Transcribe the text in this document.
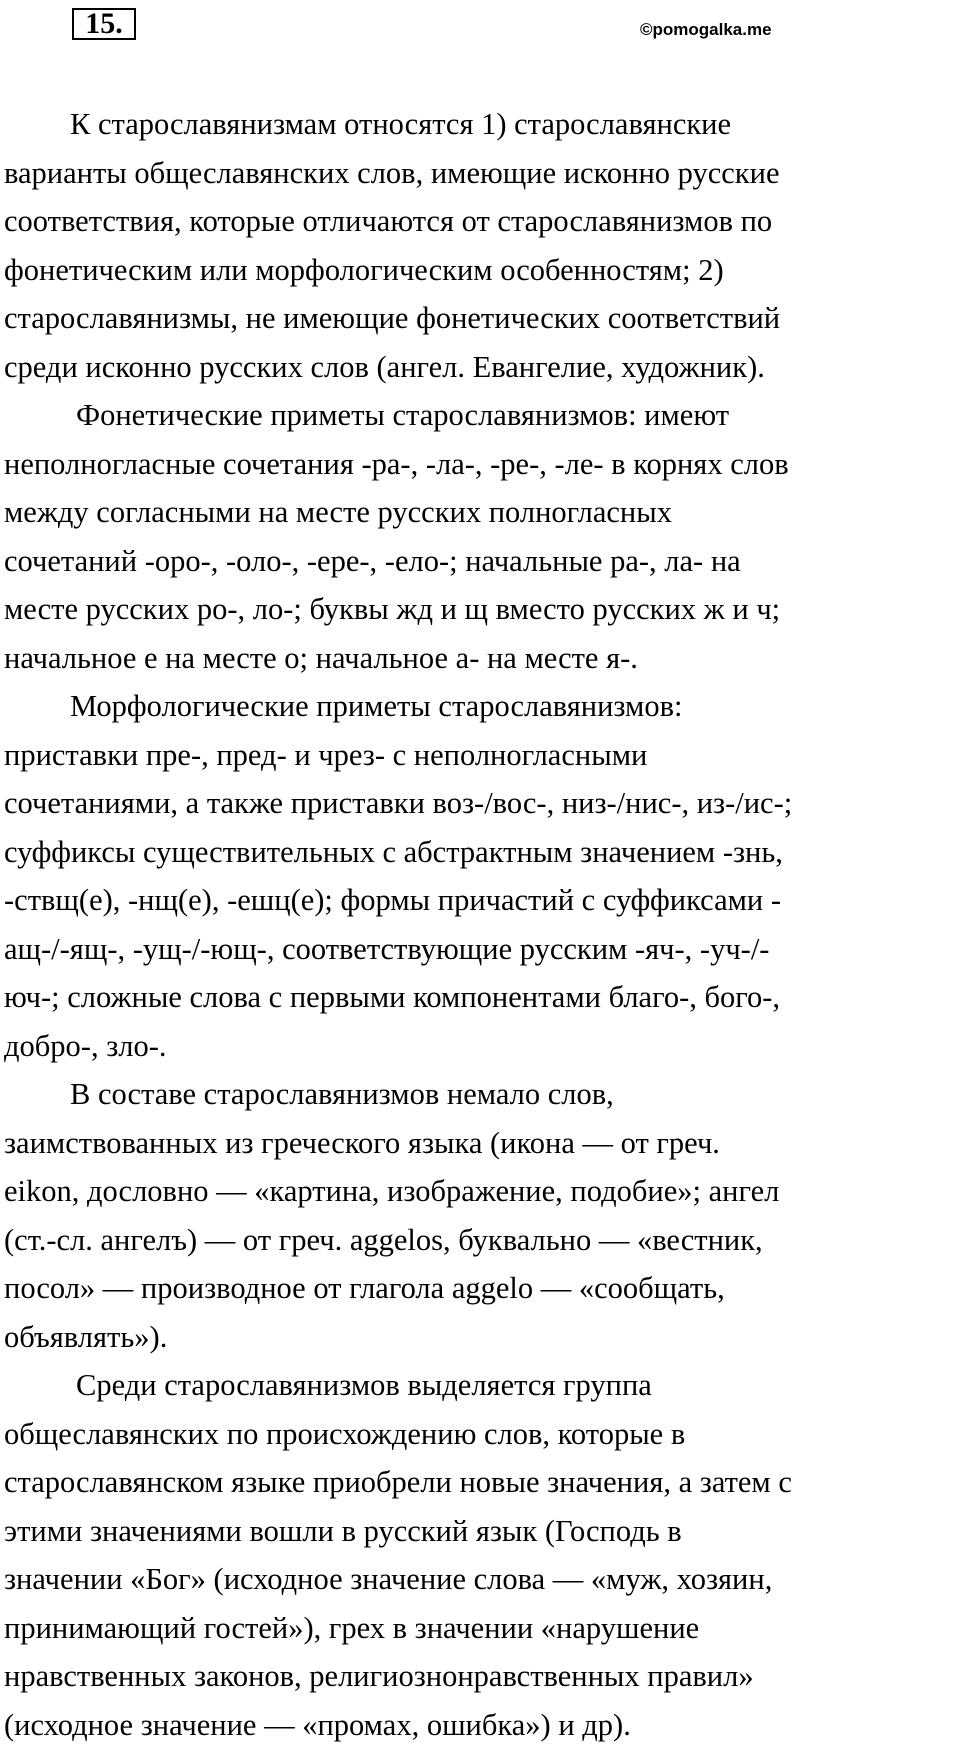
15.	©pomogalka.me

К старославянизмам относятся 1) старославянские
варианты общеславянских слов, имеющие исконно русские
соответствия, которые отличаются от старославянизмов по
фонетическим или морфологическим особенностям; 2)
старославянизмы, не имеющие фонетических соответствий
среди исконно русских слов (ангел. Евангелие, художник).

Фонетические приметы старославянизмов: имеют
неполногласные сочетания -ра-, -ла-, -ре-, -ле- в корнях слов
между согласными на месте русских полногласных
сочетаний -оро-, -оло-, -ере-, -ело-; начальные ра-, ла- на
месте русских ро-, ло-; буквы жд и щ вместо русских ж и ч;
начальное е на месте о; начальное а- на месте я-.

Морфологические приметы старославянизмов:
приставки пре-, пред- и чрез- с неполногласными
сочетаниями, а также приставки воз-/вос-, низ-/нис-, из-/ис-;
суффиксы существительных с абстрактным значением -знь,
-ствщ(е), -нщ(е), -ешц(е); формы причастий с суффиксами -
ащ-/-ящ-, -ущ-/-ющ-, соответствующие русским -яч-, -уч-/-
юч-; сложные слова с первыми компонентами благо-, бого-,
добро-, зло-.

В составе старославянизмов немало слов,
заимствованных из греческого языка (икона — от греч.
eikon, дословно — «картина, изображение, подобие»; ангел
(ст.-сл. ангелъ) — от греч. aggelos, буквально — «вестник,
посол» — производное от глагола aggelo — «сообщать,
объявлять»).

Среди старославянизмов выделяется группа
общеславянских по происхождению слов, которые в
старославянском языке приобрели новые значения, а затем с
этими значениями вошли в русский язык (Господь в
значении «Бог» (исходное значение слова — «муж, хозяин,
принимающий гостей»), грех в значении «нарушение
нравственных законов, религиознонравственных правил»
(исходное значение — «промах, ошибка») и др).
